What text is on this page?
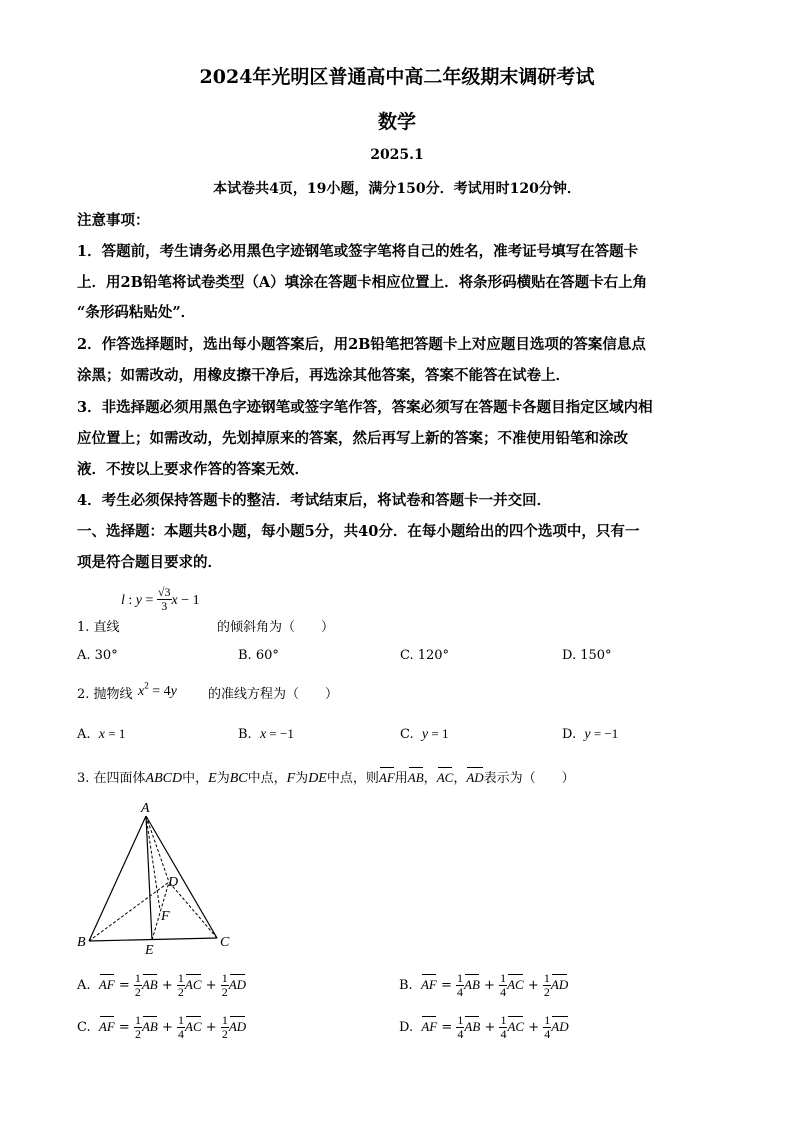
2024年光明区普通高中高二年级期末调研考试
数学
2025.1
本试卷共4页，19小题，满分150分．考试用时120分钟．
注意事项：
1．答题前，考生请务必用黑色字迹钢笔或签字笔将自己的姓名，准考证号填写在答题卡
上．用2B铅笔将试卷类型（A）填涂在答题卡相应位置上．将条形码横贴在答题卡右上角
“条形码粘贴处”．
2．作答选择题时，选出每小题答案后，用2B铅笔把答题卡上对应题目选项的答案信息点
涂黑；如需改动，用橡皮擦干净后，再选涂其他答案，答案不能答在试卷上．
3．非选择题必须用黑色字迹钢笔或签字笔作答，答案必须写在答题卡各题目指定区域内相
应位置上；如需改动，先划掉原来的答案，然后再写上新的答案；不准使用铅笔和涂改
液．不按以上要求作答的答案无效．
4．考生必须保持答题卡的整洁．考试结束后，将试卷和答题卡一并交回．
一、选择题：本题共8小题，每小题5分，共40分．在每小题给出的四个选项中，只有一
项是符合题目要求的．
1. 直线
l : $y = \frac{√3}{3}$ x − 1
的倾斜角为（　　）
A. 30°	B. 60°	C. 120°	D. 150°
2. 抛物线 $x^2 = 4y$ 的准线方程为（　　）
A. x = 1	B. x = −1	C. y = 1	D. y = −1
3. 在四面体ABCD中，E为BC中点，F为DE中点，则AF用AB，AC，AD表示为（　　）
A
B	C
D
E
F
A. AF = $\frac{1}{2}$ AB + $\frac{1}{2}$ AC + $\frac{1}{2}$ AD	B. AF = $\frac{1}{4}$ AB + $\frac{1}{4}$ AC + $\frac{1}{2}$ AD
C. AF = $\frac{1}{2}$ AB + $\frac{1}{4}$ AC + $\frac{1}{2}$ AD	D. AF = $\frac{1}{4}$ AB + $\frac{1}{4}$ AC + $\frac{1}{4}$ AD
